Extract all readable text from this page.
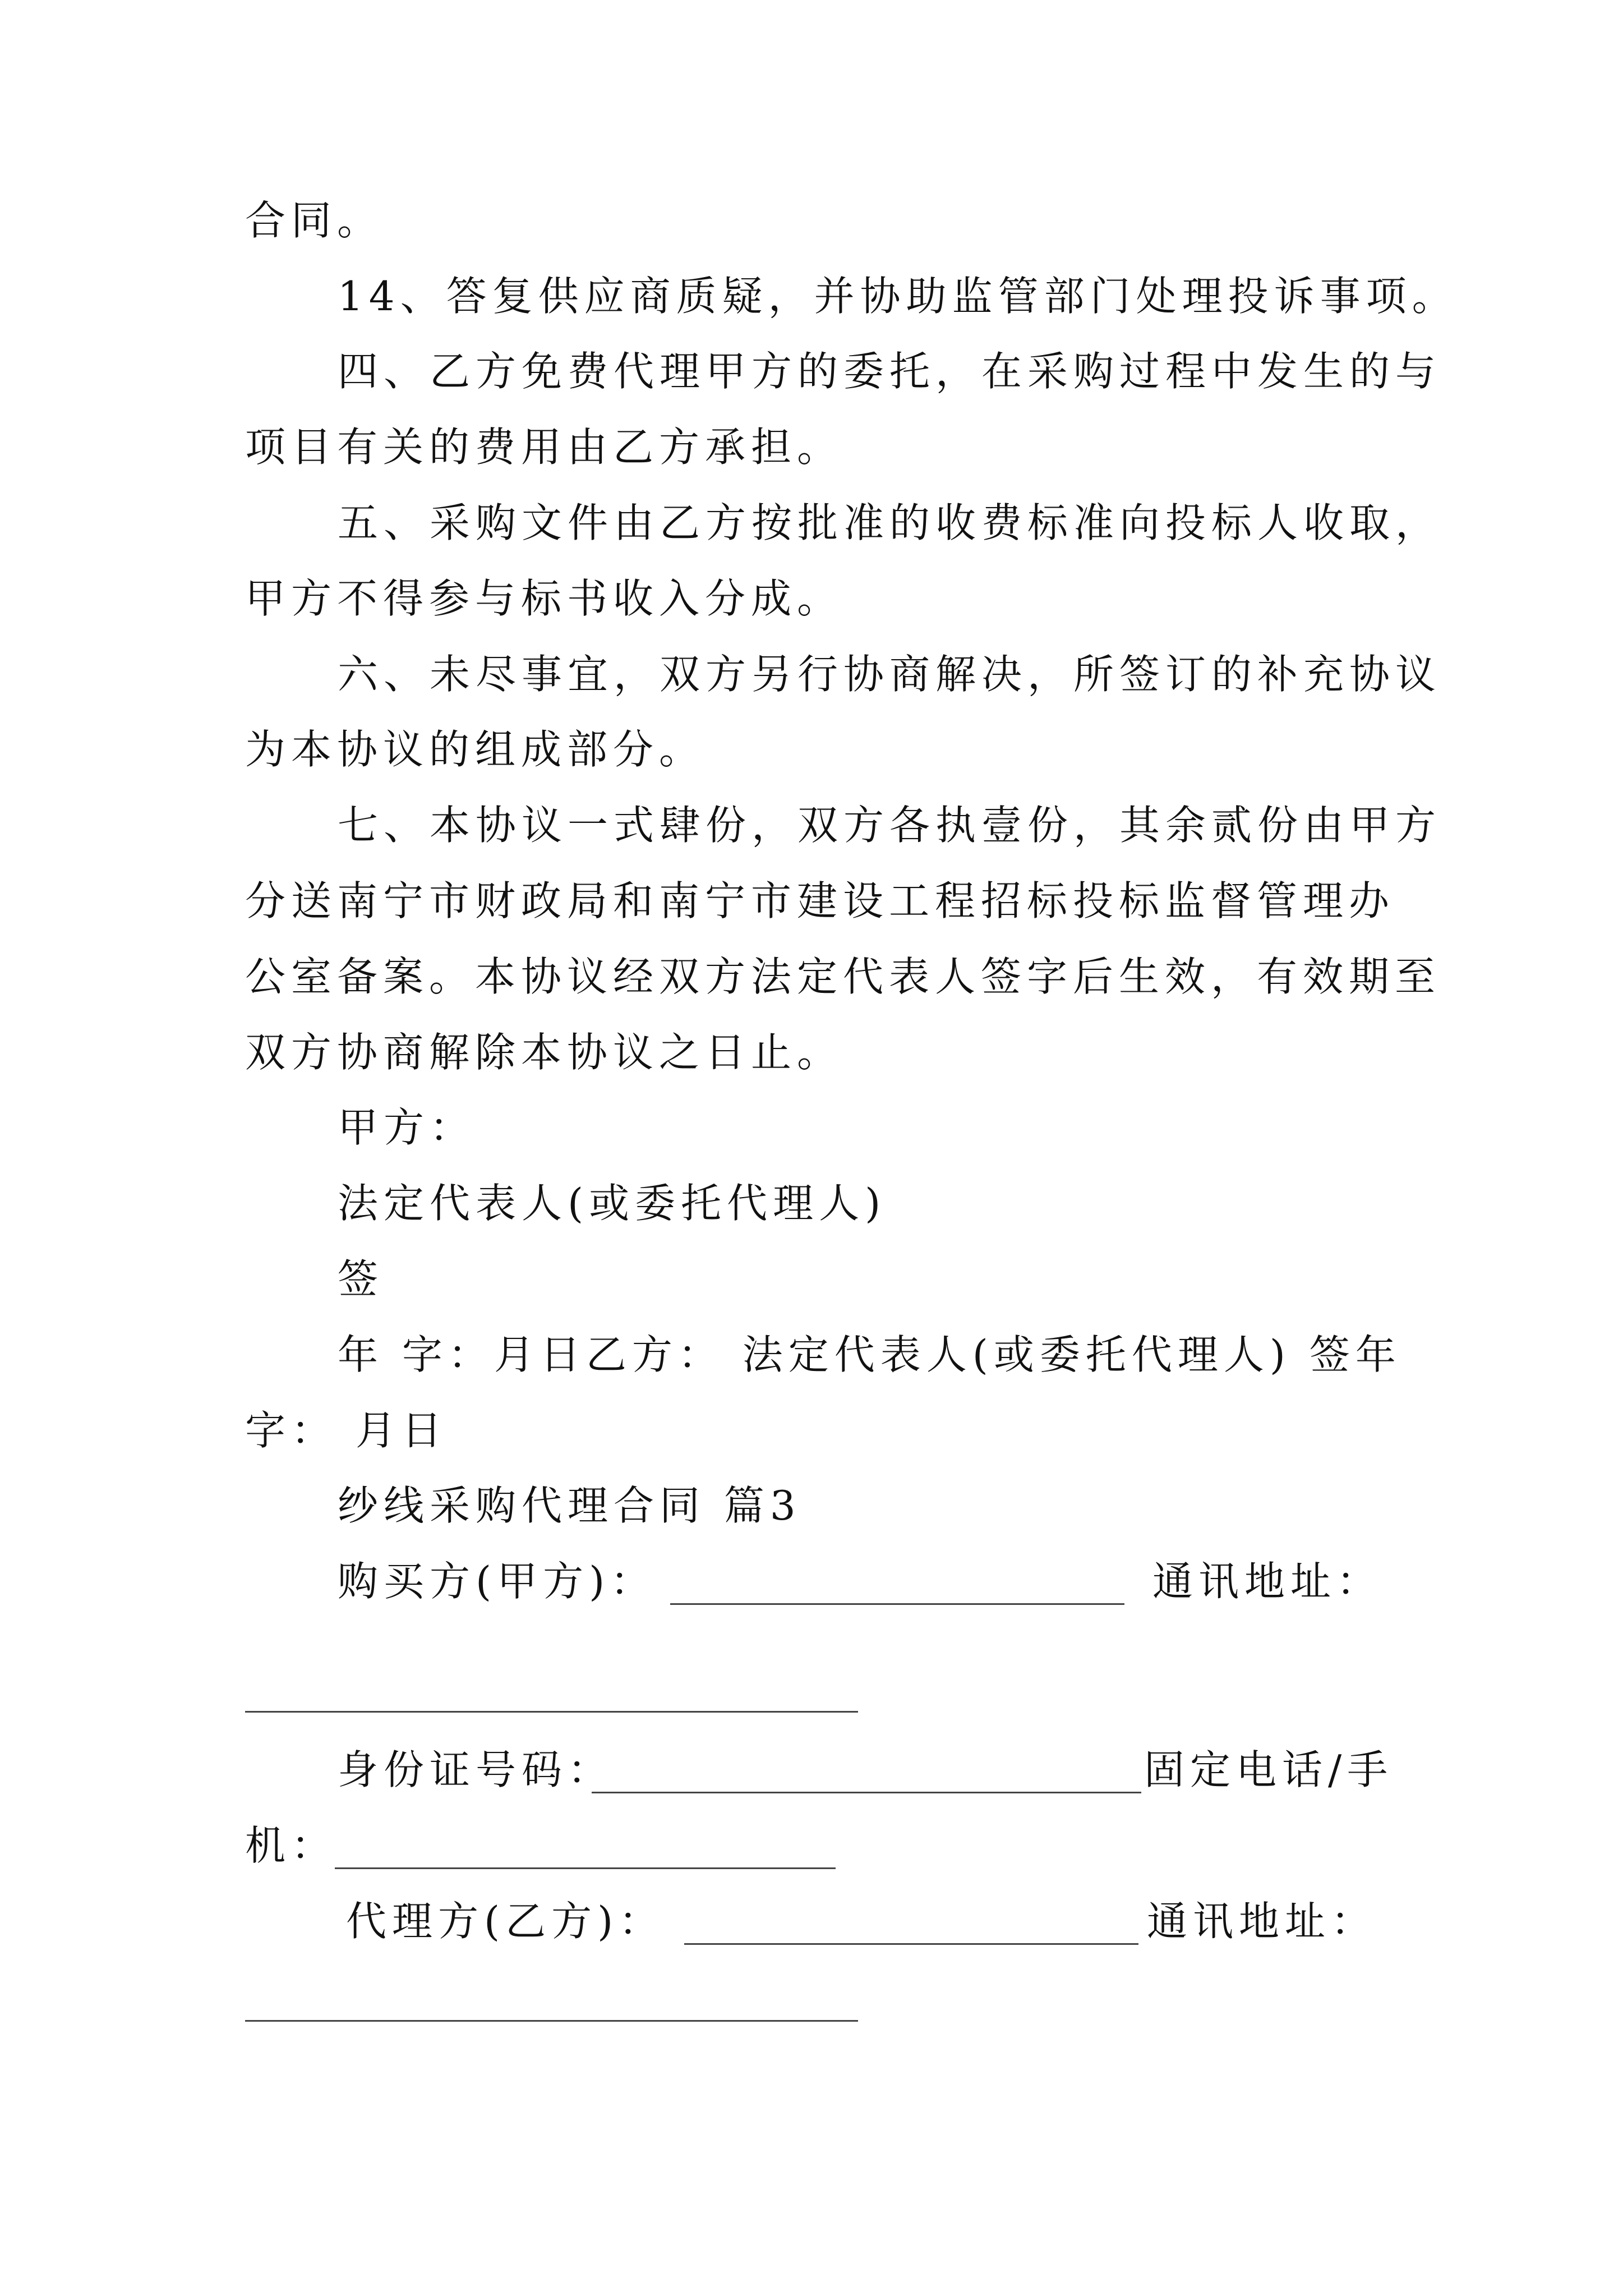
合同。
14、答复供应商质疑，并协助监管部门处理投诉事项。
四、乙方免费代理甲方的委托，在采购过程中发生的与
项目有关的费用由乙方承担。
五、采购文件由乙方按批准的收费标准向投标人收取，
甲方不得参与标书收入分成。
六、未尽事宜，双方另行协商解决，所签订的补充协议
为本协议的组成部分。
七、本协议一式肆份，双方各执壹份，其余贰份由甲方
分送南宁市财政局和南宁市建设工程招标投标监督管理办
公室备案。本协议经双方法定代表人签字后生效，有效期至
双方协商解除本协议之日止。
甲方：
法定代表人(或委托代理人)
签
年 字：月日乙方： 法定代表人(或委托代理人) 签年
字： 月日
纱线采购代理合同 篇3
购买方(甲方)：	通讯地址：
身份证号码：	固定电话/手
机：
代理方(乙方)：	通讯地址：
